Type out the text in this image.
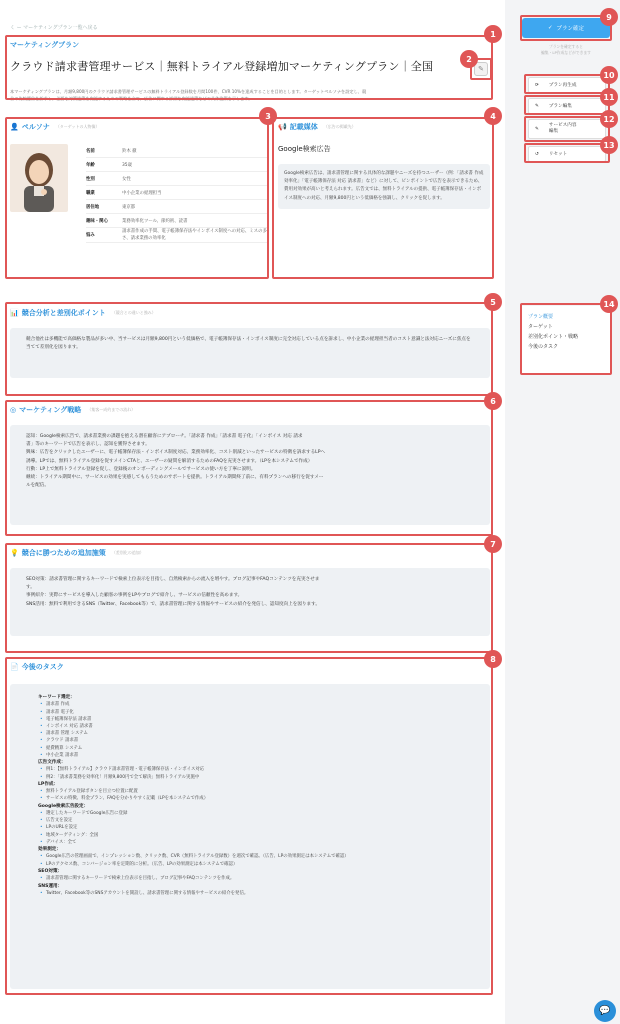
く ー マーケティングプラン一覧へ戻る
マーケティングプラン
クラウド請求書管理サービス｜無料トライアル登録増加マーケティングプラン｜全国
本マーケティングプランは、月額9,800円のクラウド請求書管理サービスの無料トライアル登録数を月間100件、CVR 10%を達成することを目的とします。ターゲットペルソナを設定し、競
合の比較優位を訴求し、必要な対策施策を実施するための戦略を立て、広告に関する詳細な実施施策などの具体施策を示します。
✎
👤 ペルソナ （ターゲットの人物像）
名前	鈴木 徹
年齢	35歳
性別	女性
職業	中小企業の経理担当
居住地	東京都
趣味・関心	業務効率化ツール、節約術、読書
悩み
請求書作成の手間、電子帳簿保存法やインボイス制度への対応、ミスの多さ、請求業務の効率化
📢 記載媒体 （広告の掲載先）
Google検索広告
Google検索広告は、請求書管理に関する具体的な課題やニーズを持つユーザー（例：「請求書 作成 効率化」「電子帳簿保存法 対応 請求書」など）に対して、ピンポイントで広告を表示できるため、費用対効果が高いと考えられます。広告文では、無料トライアルの提供、電子帳簿保存法・インボイス制度への対応、月額9,800円という低価格を強調し、クリックを促します。
📊 競合分析と差別化ポイント （競合との違いと強み）
競合他社は多機能で高価格な製品が多い中、当サービスは月額9,800円という低価格で、電子帳簿保存法・インボイス制度に完全対応している点を訴求し、中小企業の経理担当者のコスト意識と法対応ニーズに焦点を当てて差別化を図ります。
◎ マーケティング戦略 （集客〜成約までの流れ）
認知：Google検索広告で、請求書業務の課題を抱える潜在顧客にアプローチ。「請求書 作成」「請求書 電子化」「インボイス 対応 請求
書」等のキーワードで広告を表示し、認知を獲得させます。
興味：広告をクリックしたユーザーに、電子帳簿保存法・インボイス制度対応、業務効率化、コスト削減といったサービスの特徴を訴求するLPへ
誘導。LPでは、無料トライアル登録を促すメインCTAと、ユーザーの疑問を解消するためのFAQを充実させます。（LPを本システムで作成）
行動：LP上で無料トライアル登録を促し、登録後のオンボーディングメールでサービスの使い方を丁寧に説明。
継続：トライアル期間中に、サービスの効果を実感してもらうためのサポートを提供。トライアル期間終了前に、有料プランへの移行を促すメー
ルを配信。
💡 競合に勝つための追加施策 （差別化の追加）
SEO対策：請求書管理に関するキーワードで検索上位表示を目指し、自然検索からの流入を増やす。ブログ記事やFAQコンテンツを充実させま
す。
事例紹介：実際にサービスを導入した顧客の事例をLPやブログで紹介し、サービスの信頼性を高めます。
SNS活用：無料で利用できるSNS（Twitter、Facebook等）で、請求書管理に関する情報やサービスの紹介を発信し、認知度向上を図ります。
📄 今後のタスク
キーワード選定：
• 請求書 作成
• 請求書 電子化
• 電子帳簿保存法 請求書
• インボイス 対応 請求書
• 請求書 管理 システム
• クラウド 請求書
• 経費精算 システム
• 中小企業 請求書
広告文作成：
• 例1：【無料トライアル】クラウド請求書管理・電子帳簿保存法・インボイス対応
• 例2：「請求書業務を効率化！月額9,800円で全て解決」無料トライアル実施中
LP作成：
• 無料トライアル登録ボタンを目立つ位置に配置
• サービスの特徴、料金プラン、FAQを分かりやすく記載（LPを本システムで作成）
Google検索広告設定：
• 選定したキーワードでGoogle広告に登録
• 広告文を設定
• LPのURLを設定
• 地域ターゲティング：全国
• デバイス：全て
効果測定：
• Google広告の管理画面で、インプレッション数、クリック数、CVR（無料トライアル登録数）を週次で確認。（広告、LPの効果測定は本システムで確認）
• LPのアクセス数、コンバージョン率を定期的に分析。（広告、LPの効果測定は本システムで確認）
SEO対策：
• 請求書管理に関するキーワードで検索上位表示を目指し、ブログ記事やFAQコンテンツを作成。
SNS運用：
• Twitter、Facebook等のSNSアカウントを開設し、請求書管理に関する情報やサービスの紹介を発信。
✓ プラン確定
プランを確定すると
編集・LP作成などができます
⟳ プラン再生成
✎ プラン編集
✎
サービス内容編集
↺ リセット
プラン概要
ターゲット
差別化ポイント・戦略
今後のタスク
💬
1
2
3	4
5
6
7
8
9
10
11
12
13
14
